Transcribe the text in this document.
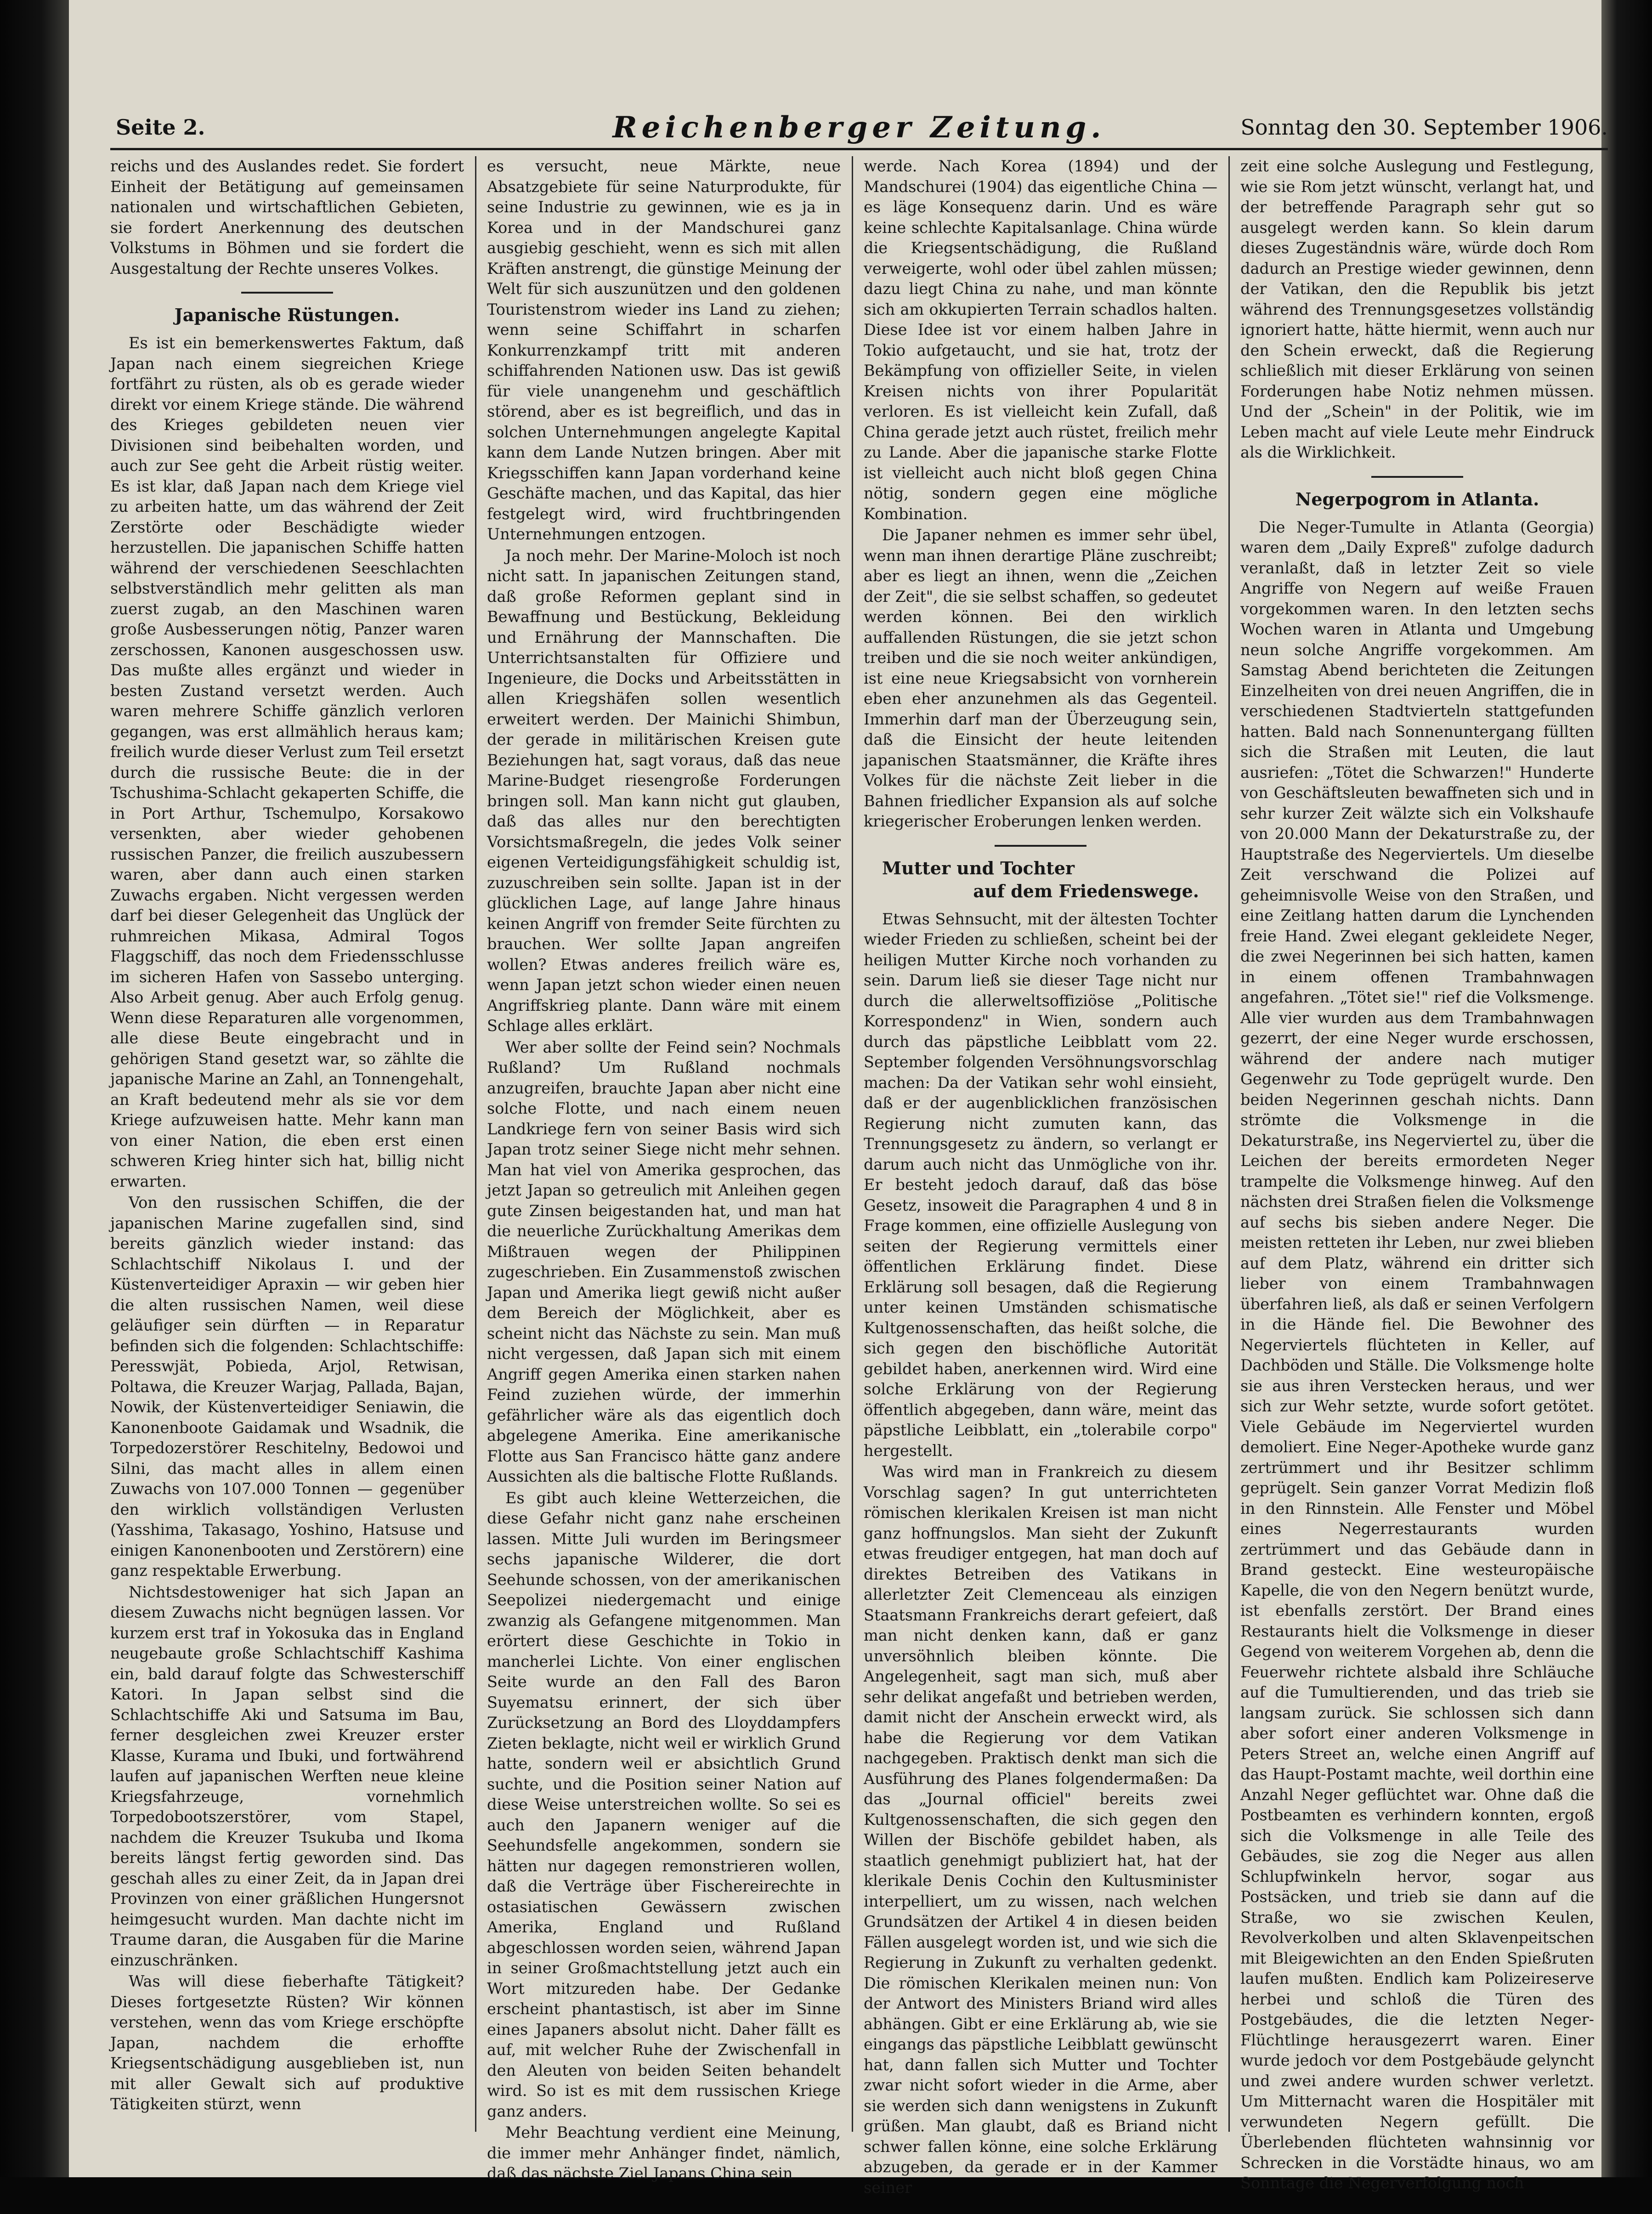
Seite 2.	Reichenberger Zeitung.	Sonntag den 30. September 1906.

reichs und des Auslandes redet. Sie fordert Einheit der Betätigung auf gemeinsamen nationalen und wirtschaftlichen Gebieten, sie fordert Anerkennung des deutschen Volkstums in Böhmen und sie fordert die Ausgestaltung der Rechte unseres Volkes.

Japanische Rüstungen.

Es ist ein bemerkenswertes Faktum, daß Japan nach einem siegreichen Kriege fortfährt zu rüsten, als ob es gerade wieder direkt vor einem Kriege stände. Die während des Krieges gebildeten neuen vier Divisionen sind beibehalten worden, und auch zur See geht die Arbeit rüstig weiter. Es ist klar, daß Japan nach dem Kriege viel zu arbeiten hatte, um das während der Zeit Zerstörte oder Beschädigte wieder herzustellen. Die japanischen Schiffe hatten während der verschiedenen Seeschlachten selbstverständlich mehr gelitten als man zuerst zugab, an den Maschinen waren große Ausbesserungen nötig, Panzer waren zerschossen, Kanonen ausgeschossen usw. Das mußte alles ergänzt und wieder in besten Zustand versetzt werden. Auch waren mehrere Schiffe gänzlich verloren gegangen, was erst allmählich heraus kam; freilich wurde dieser Verlust zum Teil ersetzt durch die russische Beute: die in der Tschushima-Schlacht gekaperten Schiffe, die in Port Arthur, Tschemulpo, Korsakowo versenkten, aber wieder gehobenen russischen Panzer, die freilich auszubessern waren, aber dann auch einen starken Zuwachs ergaben. Nicht vergessen werden darf bei dieser Gelegenheit das Unglück der ruhmreichen Mikasa, Admiral Togos Flaggschiff, das noch dem Friedensschlusse im sicheren Hafen von Sassebo unterging. Also Arbeit genug. Aber auch Erfolg genug. Wenn diese Reparaturen alle vorgenommen, alle diese Beute eingebracht und in gehörigen Stand gesetzt war, so zählte die japanische Marine an Zahl, an Tonnengehalt, an Kraft bedeutend mehr als sie vor dem Kriege aufzuweisen hatte. Mehr kann man von einer Nation, die eben erst einen schweren Krieg hinter sich hat, billig nicht erwarten.

Von den russischen Schiffen, die der japanischen Marine zugefallen sind, sind bereits gänzlich wieder instand: das Schlachtschiff Nikolaus I. und der Küstenverteidiger Apraxin — wir geben hier die alten russischen Namen, weil diese geläufiger sein dürften — in Reparatur befinden sich die folgenden: Schlachtschiffe: Peresswjät, Pobieda, Arjol, Retwisan, Poltawa, die Kreuzer Warjag, Pallada, Bajan, Nowik, der Küstenverteidiger Seniawin, die Kanonenboote Gaidamak und Wsadnik, die Torpedozerstörer Reschitelny, Bedowoi und Silni, das macht alles in allem einen Zuwachs von 107.000 Tonnen — gegenüber den wirklich vollständigen Verlusten (Yasshima, Takasago, Yoshino, Hatsuse und einigen Kanonenbooten und Zerstörern) eine ganz respektable Erwerbung.

Nichtsdestoweniger hat sich Japan an diesem Zuwachs nicht begnügen lassen. Vor kurzem erst traf in Yokosuka das in England neugebaute große Schlachtschiff Kashima ein, bald darauf folgte das Schwesterschiff Katori. In Japan selbst sind die Schlachtschiffe Aki und Satsuma im Bau, ferner desgleichen zwei Kreuzer erster Klasse, Kurama und Ibuki, und fortwährend laufen auf japanischen Werften neue kleine Kriegsfahrzeuge, vornehmlich Torpedobootszerstörer, vom Stapel, nachdem die Kreuzer Tsukuba und Ikoma bereits längst fertig geworden sind. Das geschah alles zu einer Zeit, da in Japan drei Provinzen von einer gräßlichen Hungersnot heimgesucht wurden. Man dachte nicht im Traume daran, die Ausgaben für die Marine einzuschränken.

Was will diese fieberhafte Tätigkeit? Dieses fortgesetzte Rüsten? Wir können verstehen, wenn das vom Kriege erschöpfte Japan, nachdem die erhoffte Kriegsentschädigung ausgeblieben ist, nun mit aller Gewalt sich auf produktive Tätigkeiten stürzt, wenn

es versucht, neue Märkte, neue Absatzgebiete für seine Naturprodukte, für seine Industrie zu gewinnen, wie es ja in Korea und in der Mandschurei ganz ausgiebig geschieht, wenn es sich mit allen Kräften anstrengt, die günstige Meinung der Welt für sich auszunützen und den goldenen Touristenstrom wieder ins Land zu ziehen; wenn seine Schiffahrt in scharfen Konkurrenzkampf tritt mit anderen schiffahrenden Nationen usw. Das ist gewiß für viele unangenehm und geschäftlich störend, aber es ist begreiflich, und das in solchen Unternehmungen angelegte Kapital kann dem Lande Nutzen bringen. Aber mit Kriegsschiffen kann Japan vorderhand keine Geschäfte machen, und das Kapital, das hier festgelegt wird, wird fruchtbringenden Unternehmungen entzogen.

Ja noch mehr. Der Marine-Moloch ist noch nicht satt. In japanischen Zeitungen stand, daß große Reformen geplant sind in Bewaffnung und Bestückung, Bekleidung und Ernährung der Mannschaften. Die Unterrichtsanstalten für Offiziere und Ingenieure, die Docks und Arbeitsstätten in allen Kriegshäfen sollen wesentlich erweitert werden. Der Mainichi Shimbun, der gerade in militärischen Kreisen gute Beziehungen hat, sagt voraus, daß das neue Marine-Budget riesengroße Forderungen bringen soll. Man kann nicht gut glauben, daß das alles nur den berechtigten Vorsichtsmaßregeln, die jedes Volk seiner eigenen Verteidigungsfähigkeit schuldig ist, zuzuschreiben sein sollte. Japan ist in der glücklichen Lage, auf lange Jahre hinaus keinen Angriff von fremder Seite fürchten zu brauchen. Wer sollte Japan angreifen wollen? Etwas anderes freilich wäre es, wenn Japan jetzt schon wieder einen neuen Angriffskrieg plante. Dann wäre mit einem Schlage alles erklärt.

Wer aber sollte der Feind sein? Nochmals Rußland? Um Rußland nochmals anzugreifen, brauchte Japan aber nicht eine solche Flotte, und nach einem neuen Landkriege fern von seiner Basis wird sich Japan trotz seiner Siege nicht mehr sehnen. Man hat viel von Amerika gesprochen, das jetzt Japan so getreulich mit Anleihen gegen gute Zinsen beigestanden hat, und man hat die neuerliche Zurückhaltung Amerikas dem Mißtrauen wegen der Philippinen zugeschrieben. Ein Zusammenstoß zwischen Japan und Amerika liegt gewiß nicht außer dem Bereich der Möglichkeit, aber es scheint nicht das Nächste zu sein. Man muß nicht vergessen, daß Japan sich mit einem Angriff gegen Amerika einen starken nahen Feind zuziehen würde, der immerhin gefährlicher wäre als das eigentlich doch abgelegene Amerika. Eine amerikanische Flotte aus San Francisco hätte ganz andere Aussichten als die baltische Flotte Rußlands.

Es gibt auch kleine Wetterzeichen, die diese Gefahr nicht ganz nahe erscheinen lassen. Mitte Juli wurden im Beringsmeer sechs japanische Wilderer, die dort Seehunde schossen, von der amerikanischen Seepolizei niedergemacht und einige zwanzig als Gefangene mitgenommen. Man erörtert diese Geschichte in Tokio in mancherlei Lichte. Von einer englischen Seite wurde an den Fall des Baron Suyematsu erinnert, der sich über Zurücksetzung an Bord des Lloyddampfers Zieten beklagte, nicht weil er wirklich Grund hatte, sondern weil er absichtlich Grund suchte, und die Position seiner Nation auf diese Weise unterstreichen wollte. So sei es auch den Japanern weniger auf die Seehundsfelle angekommen, sondern sie hätten nur dagegen remonstrieren wollen, daß die Verträge über Fischereirechte in ostasiatischen Gewässern zwischen Amerika, England und Rußland abgeschlossen worden seien, während Japan in seiner Großmachtstellung jetzt auch ein Wort mitzureden habe. Der Gedanke erscheint phantastisch, ist aber im Sinne eines Japaners absolut nicht. Daher fällt es auf, mit welcher Ruhe der Zwischenfall in den Aleuten von beiden Seiten behandelt wird. So ist es mit dem russischen Kriege ganz anders.

Mehr Beachtung verdient eine Meinung, die immer mehr Anhänger findet, nämlich, daß das nächste Ziel Japans China sein

werde. Nach Korea (1894) und der Mandschurei (1904) das eigentliche China — es läge Konsequenz darin. Und es wäre keine schlechte Kapitalsanlage. China würde die Kriegsentschädigung, die Rußland verweigerte, wohl oder übel zahlen müssen; dazu liegt China zu nahe, und man könnte sich am okkupierten Terrain schadlos halten. Diese Idee ist vor einem halben Jahre in Tokio aufgetaucht, und sie hat, trotz der Bekämpfung von offizieller Seite, in vielen Kreisen nichts von ihrer Popularität verloren. Es ist vielleicht kein Zufall, daß China gerade jetzt auch rüstet, freilich mehr zu Lande. Aber die japanische starke Flotte ist vielleicht auch nicht bloß gegen China nötig, sondern gegen eine mögliche Kombination.

Die Japaner nehmen es immer sehr übel, wenn man ihnen derartige Pläne zuschreibt; aber es liegt an ihnen, wenn die „Zeichen der Zeit", die sie selbst schaffen, so gedeutet werden können. Bei den wirklich auffallenden Rüstungen, die sie jetzt schon treiben und die sie noch weiter ankündigen, ist eine neue Kriegsabsicht von vornherein eben eher anzunehmen als das Gegenteil. Immerhin darf man der Überzeugung sein, daß die Einsicht der heute leitenden japanischen Staatsmänner, die Kräfte ihres Volkes für die nächste Zeit lieber in die Bahnen friedlicher Expansion als auf solche kriegerischer Eroberungen lenken werden.

Mutter und Tochter
auf dem Friedenswege.

Etwas Sehnsucht, mit der ältesten Tochter wieder Frieden zu schließen, scheint bei der heiligen Mutter Kirche noch vorhanden zu sein. Darum ließ sie dieser Tage nicht nur durch die allerweltsoffiziöse „Politische Korrespondenz" in Wien, sondern auch durch das päpstliche Leibblatt vom 22. September folgenden Versöhnungsvorschlag machen: Da der Vatikan sehr wohl einsieht, daß er der augenblicklichen französischen Regierung nicht zumuten kann, das Trennungsgesetz zu ändern, so verlangt er darum auch nicht das Unmögliche von ihr. Er besteht jedoch darauf, daß das böse Gesetz, insoweit die Paragraphen 4 und 8 in Frage kommen, eine offizielle Auslegung von seiten der Regierung vermittels einer öffentlichen Erklärung findet. Diese Erklärung soll besagen, daß die Regierung unter keinen Umständen schismatische Kultgenossenschaften, das heißt solche, die sich gegen den bischöfliche Autorität gebildet haben, anerkennen wird. Wird eine solche Erklärung von der Regierung öffentlich abgegeben, dann wäre, meint das päpstliche Leibblatt, ein „tolerabile corpo" hergestellt.

Was wird man in Frankreich zu diesem Vorschlag sagen? In gut unterrichteten römischen klerikalen Kreisen ist man nicht ganz hoffnungslos. Man sieht der Zukunft etwas freudiger entgegen, hat man doch auf direktes Betreiben des Vatikans in allerletzter Zeit Clemenceau als einzigen Staatsmann Frankreichs derart gefeiert, daß man nicht denken kann, daß er ganz unversöhnlich bleiben könnte. Die Angelegenheit, sagt man sich, muß aber sehr delikat angefaßt und betrieben werden, damit nicht der Anschein erweckt wird, als habe die Regierung vor dem Vatikan nachgegeben. Praktisch denkt man sich die Ausführung des Planes folgendermaßen: Da das „Journal officiel" bereits zwei Kultgenossenschaften, die sich gegen den Willen der Bischöfe gebildet haben, als staatlich genehmigt publiziert hat, hat der klerikale Denis Cochin den Kultusminister interpelliert, um zu wissen, nach welchen Grundsätzen der Artikel 4 in diesen beiden Fällen ausgelegt worden ist, und wie sich die Regierung in Zukunft zu verhalten gedenkt. Die römischen Klerikalen meinen nun: Von der Antwort des Ministers Briand wird alles abhängen. Gibt er eine Erklärung ab, wie sie eingangs das päpstliche Leibblatt gewünscht hat, dann fallen sich Mutter und Tochter zwar nicht sofort wieder in die Arme, aber sie werden sich dann wenigstens in Zukunft grüßen. Man glaubt, daß es Briand nicht schwer fallen könne, eine solche Erklärung abzugeben, da gerade er in der Kammer seiner

zeit eine solche Auslegung und Festlegung, wie sie Rom jetzt wünscht, verlangt hat, und der betreffende Paragraph sehr gut so ausgelegt werden kann. So klein darum dieses Zugeständnis wäre, würde doch Rom dadurch an Prestige wieder gewinnen, denn der Vatikan, den die Republik bis jetzt während des Trennungsgesetzes vollständig ignoriert hatte, hätte hiermit, wenn auch nur den Schein erweckt, daß die Regierung schließlich mit dieser Erklärung von seinen Forderungen habe Notiz nehmen müssen. Und der „Schein" in der Politik, wie im Leben macht auf viele Leute mehr Eindruck als die Wirklichkeit.

Negerpogrom in Atlanta.

Die Neger-Tumulte in Atlanta (Georgia) waren dem „Daily Expreß" zufolge dadurch veranlaßt, daß in letzter Zeit so viele Angriffe von Negern auf weiße Frauen vorgekommen waren. In den letzten sechs Wochen waren in Atlanta und Umgebung neun solche Angriffe vorgekommen. Am Samstag Abend berichteten die Zeitungen Einzelheiten von drei neuen Angriffen, die in verschiedenen Stadtvierteln stattgefunden hatten. Bald nach Sonnenuntergang füllten sich die Straßen mit Leuten, die laut ausriefen: „Tötet die Schwarzen!" Hunderte von Geschäftsleuten bewaffneten sich und in sehr kurzer Zeit wälzte sich ein Volkshaufe von 20.000 Mann der Dekaturstraße zu, der Hauptstraße des Negerviertels. Um dieselbe Zeit verschwand die Polizei auf geheimnisvolle Weise von den Straßen, und eine Zeitlang hatten darum die Lynchenden freie Hand. Zwei elegant gekleidete Neger, die zwei Negerinnen bei sich hatten, kamen in einem offenen Trambahnwagen angefahren. „Tötet sie!" rief die Volksmenge. Alle vier wurden aus dem Trambahnwagen gezerrt, der eine Neger wurde erschossen, während der andere nach mutiger Gegenwehr zu Tode geprügelt wurde. Den beiden Negerinnen geschah nichts. Dann strömte die Volksmenge in die Dekaturstraße, ins Negerviertel zu, über die Leichen der bereits ermordeten Neger trampelte die Volksmenge hinweg. Auf den nächsten drei Straßen fielen die Volksmenge auf sechs bis sieben andere Neger. Die meisten retteten ihr Leben, nur zwei blieben auf dem Platz, während ein dritter sich lieber von einem Trambahnwagen überfahren ließ, als daß er seinen Verfolgern in die Hände fiel. Die Bewohner des Negerviertels flüchteten in Keller, auf Dachböden und Ställe. Die Volksmenge holte sie aus ihren Verstecken heraus, und wer sich zur Wehr setzte, wurde sofort getötet. Viele Gebäude im Negerviertel wurden demoliert. Eine Neger-Apotheke wurde ganz zertrümmert und ihr Besitzer schlimm geprügelt. Sein ganzer Vorrat Medizin floß in den Rinnstein. Alle Fenster und Möbel eines Negerrestaurants wurden zertrümmert und das Gebäude dann in Brand gesteckt. Eine westeuropäische Kapelle, die von den Negern benützt wurde, ist ebenfalls zerstört. Der Brand eines Restaurants hielt die Volksmenge in dieser Gegend von weiterem Vorgehen ab, denn die Feuerwehr richtete alsbald ihre Schläuche auf die Tumultierenden, und das trieb sie langsam zurück. Sie schlossen sich dann aber sofort einer anderen Volksmenge in Peters Street an, welche einen Angriff auf das Haupt-Postamt machte, weil dorthin eine Anzahl Neger geflüchtet war. Ohne daß die Postbeamten es verhindern konnten, ergoß sich die Volksmenge in alle Teile des Gebäudes, sie zog die Neger aus allen Schlupfwinkeln hervor, sogar aus Postsäcken, und trieb sie dann auf die Straße, wo sie zwischen Keulen, Revolverkolben und alten Sklavenpeitschen mit Bleigewichten an den Enden Spießruten laufen mußten. Endlich kam Polizeireserve herbei und schloß die Türen des Postgebäudes, die die letzten Neger-Flüchtlinge herausgezerrt waren. Einer wurde jedoch vor dem Postgebäude gelyncht und zwei andere wurden schwer verletzt. Um Mitternacht waren die Hospitäler mit verwundeten Negern gefüllt. Die Überlebenden flüchteten wahnsinnig vor Schrecken in die Vorstädte hinaus, wo am Sonntage die Negerverfolgung noch
